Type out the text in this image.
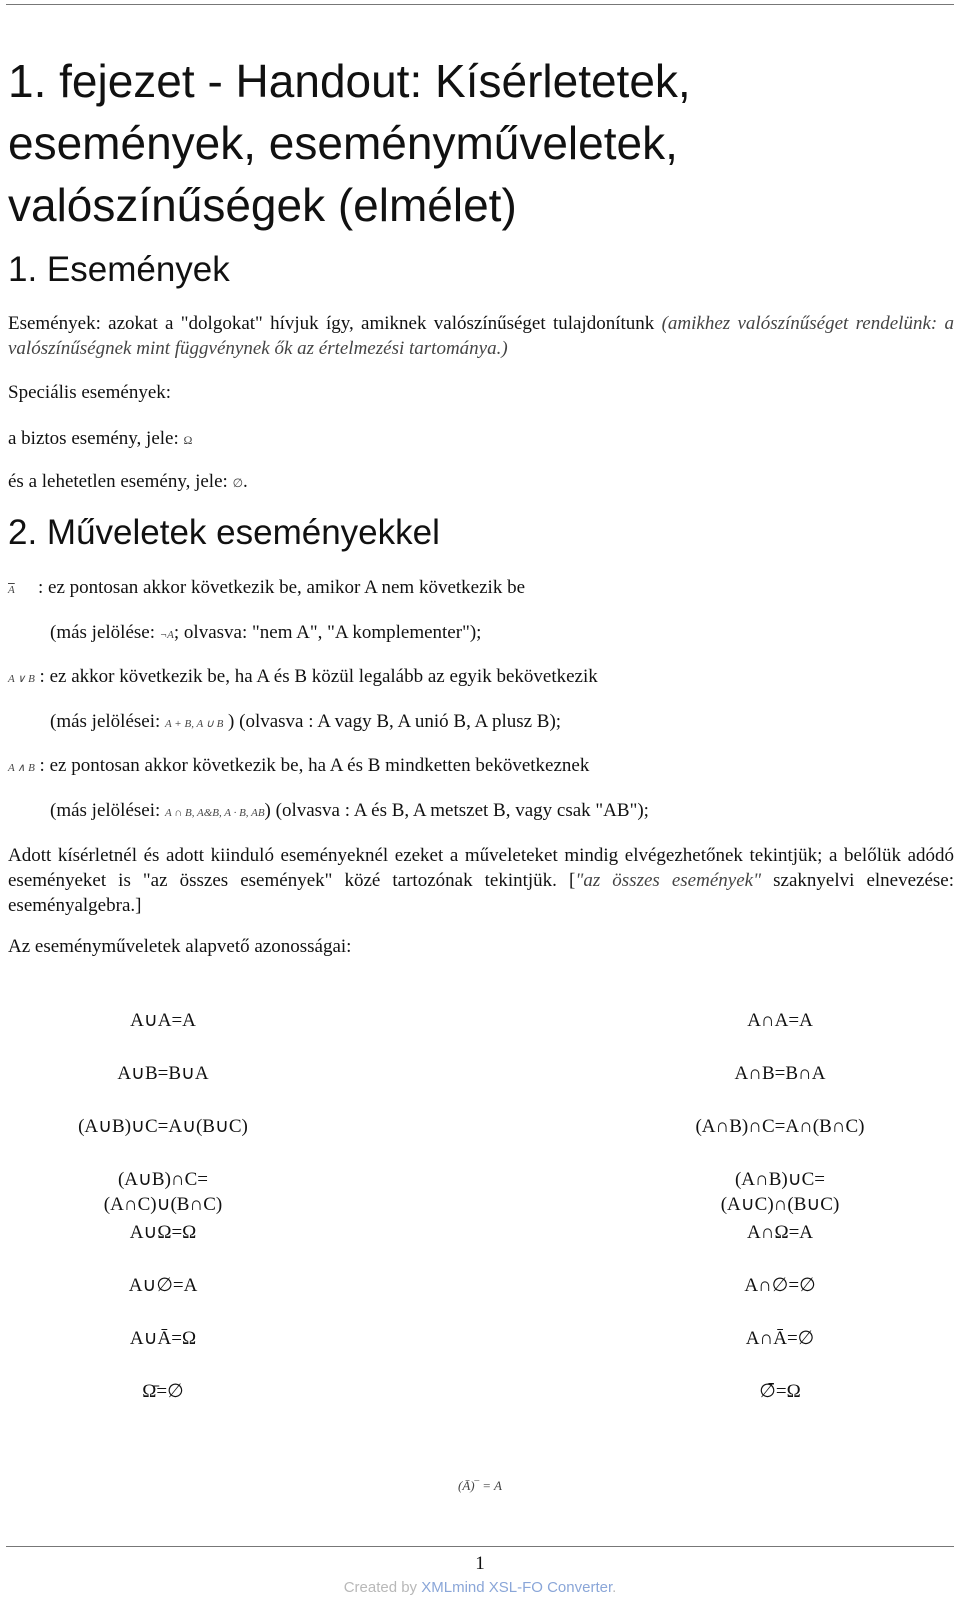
1. fejezet - Handout: Kísérletetek, események, eseményműveletek, valószínűségek (elmélet)
1. Események

Események: azokat a "dolgokat" hívjuk így, amiknek valószínűséget tulajdonítunk (amikhez valószínűséget rendelünk: a valószínűségnek mint függvénynek ők az értelmezési tartománya.)

Speciális események:

a biztos esemény, jele: Ω

és a lehetetlen esemény, jele: ∅.

2. Műveletek eseményekkel

$\overline{A}$ : ez pontosan akkor következik be, amikor A nem következik be

(más jelölése: ¬A; olvasva: "nem A", "A komplementer");

A ∨ B : ez akkor következik be, ha A és B közül legalább az egyik bekövetkezik

(más jelölései: A + B, A ∪ B ) (olvasva : A vagy B, A unió B, A plusz B);

A ∧ B : ez pontosan akkor következik be, ha A és B mindketten bekövetkeznek

(más jelölései: A ∩ B, A&B, A · B, AB) (olvasva : A és B, A metszet B, vagy csak "AB");

Adott kísérletnél és adott kiinduló eseményeknél ezeket a műveleteket mindig elvégezhetőnek tekintjük; a belőlük adódó eseményeket is "az összes események" közé tartozónak tekintjük. ["az összes események" szaknyelvi elnevezése: eseményalgebra.]

Az eseményműveletek alapvető azonosságai:

A∪A=A
A∪B=B∪A
(A∪B)∪C=A∪(B∪C)
(A∪B)∩C=(A∩C)∪(B∩C)
A∪Ω=Ω
A∪∅=A
A∪Ā=Ω
Ω̄=∅
A∩A=A
A∩B=B∩A
(A∩B)∩C=A∩(B∩C)
(A∩B)∪C=(A∪C)∩(B∪C)
A∩Ω=A
A∩∅=∅
A∩Ā=∅
∅̄=Ω
(Ā)‾ = A
1
Created by XMLmind XSL-FO Converter.
